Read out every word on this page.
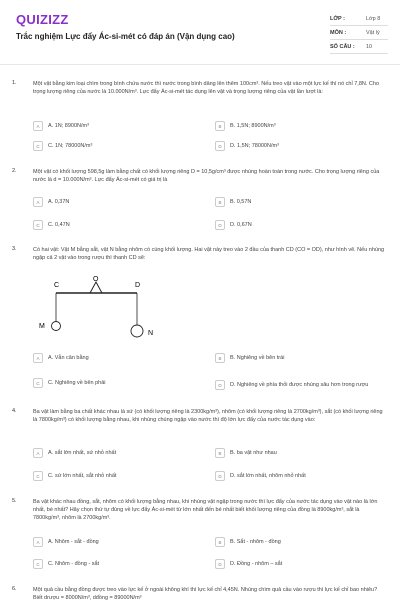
QUIZIZZ
Trắc nghiệm Lực đẩy Ác-si-mét có đáp án (Vận dụng cao)
LỚP :	Lớp 8
MÔN :	Vật lý
SỐ CÂU : 10
1.	Một vật bằng kim loại chìm trong bình chứa nước thì nước trong bình dâng lên thêm 100cm³. Nếu treo vật vào một lực kế thì nó chỉ 7,8N. Cho trọng lượng riêng của nước là 10.000N/m³. Lực đẩy Ác-si-mét tác dụng lên vật và trọng lượng riêng của vật lần lượt là:
A	A. 1N; 8900N/m³	B	B. 1,5N; 8900N/m³
C	C. 1N; 78000N/m³	D	D. 1,5N; 78000N/m³
2.	Một vật có khối lượng 598,5g làm bằng chất có khối lượng riêng D = 10,5g/cm³ được nhúng hoàn toàn trong nước. Cho trọng lượng riêng của nước là d = 10.000N/m³. Lực đẩy Ác-si-mét có giá trị là
A	A. 0,37N	B	B. 0,57N
C	C. 0,47N	D	D. 0,67N
3.	Có hai vật: Vật M bằng sắt, vật N bằng nhôm có cùng khối lượng. Hai vật này treo vào 2 đầu của thanh CD (CO = OD), như hình vẽ. Nếu nhúng ngập cả 2 vật vào trong rượu thì thanh CD sẽ:
C
O
D
M
N
A	A. Vẫn cân bằng	B	B. Nghiêng về bên trái
C	C. Nghiêng về bên phải	D	D. Nghiêng về phía thỏi được nhúng sâu hơn trong rượu
4.	Ba vật làm bằng ba chất khác nhau là sứ (có khối lượng riêng là 2300kg/m³), nhôm (có khối lượng riêng là 2700kg/m³), sắt (có khối lượng riêng là 7800kg/m³) có khối lượng bằng nhau, khi nhúng chúng ngập vào nước thì độ lớn lực đẩy của nước tác dụng vào:
A	A. sắt lớn nhất, sứ nhỏ nhất	B	B. ba vật như nhau
C	C. sứ lớn nhất, sắt nhỏ nhất	D	D. sắt lớn nhất, nhôm nhỏ nhất
5.	Ba vật khác nhau đồng, sắt, nhôm có khối lượng bằng nhau, khi nhúng vật ngập trong nước thì lực đẩy của nước tác dụng vào vật nào là lớn nhất, bé nhất? Hãy chọn thứ tự đúng về lực đẩy Ác-si-mét từ lớn nhất đến bé nhất biết khối lượng riêng của đồng là 8900kg/m³, sắt là 7800kg/m³, nhôm là 2700kg/m³.
A	A. Nhôm - sắt - đồng	B	B. Sắt - nhôm - đồng
C	C. Nhôm - đồng - sắt	D	D. Đồng - nhôm – sắt
6.	Một quả cầu bằng đồng được treo vào lực kế ở ngoài không khí thì lực kế chỉ 4,45N. Nhúng chìm quả cầu vào rượu thì lực kế chỉ bao nhiêu? Biết drượu = 8000N/m³, dđồng = 89000N/m³
